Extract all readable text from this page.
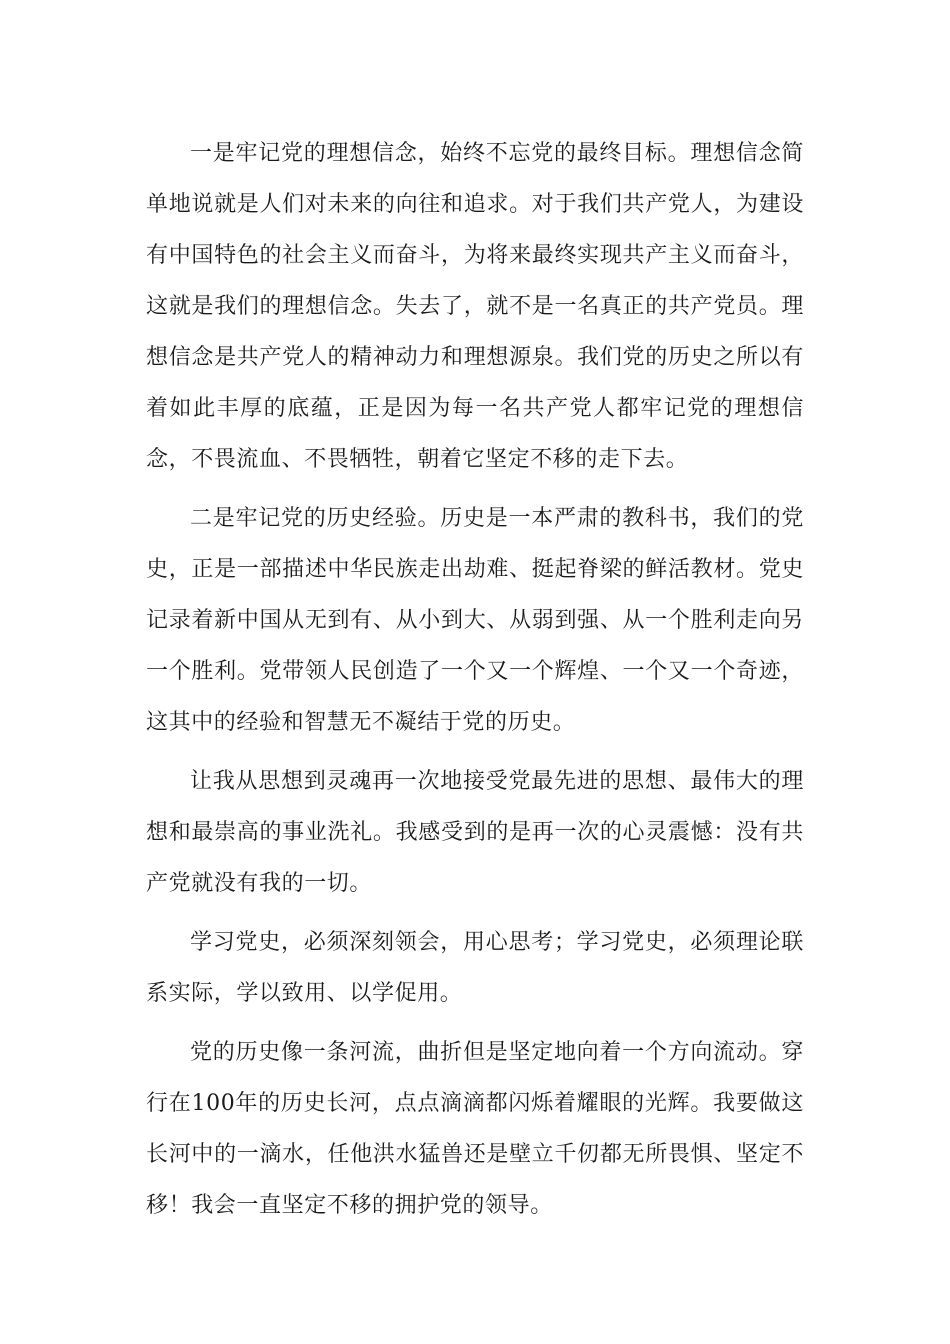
一是牢记党的理想信念，始终不忘党的最终目标。理想信念简单地说就是人们对未来的向往和追求。对于我们共产党人，为建设有中国特色的社会主义而奋斗，为将来最终实现共产主义而奋斗，这就是我们的理想信念。失去了，就不是一名真正的共产党员。理想信念是共产党人的精神动力和理想源泉。我们党的历史之所以有着如此丰厚的底蕴，正是因为每一名共产党人都牢记党的理想信念，不畏流血、不畏牺牲，朝着它坚定不移的走下去。

二是牢记党的历史经验。历史是一本严肃的教科书，我们的党史，正是一部描述中华民族走出劫难、挺起脊梁的鲜活教材。党史记录着新中国从无到有、从小到大、从弱到强、从一个胜利走向另一个胜利。党带领人民创造了一个又一个辉煌、一个又一个奇迹，这其中的经验和智慧无不凝结于党的历史。

让我从思想到灵魂再一次地接受党最先进的思想、最伟大的理想和最崇高的事业洗礼。我感受到的是再一次的心灵震憾：没有共产党就没有我的一切。

学习党史，必须深刻领会，用心思考；学习党史，必须理论联系实际，学以致用、以学促用。

党的历史像一条河流，曲折但是坚定地向着一个方向流动。穿行在100年的历史长河，点点滴滴都闪烁着耀眼的光辉。我要做这长河中的一滴水，任他洪水猛兽还是壁立千仞都无所畏惧、坚定不移！我会一直坚定不移的拥护党的领导。
